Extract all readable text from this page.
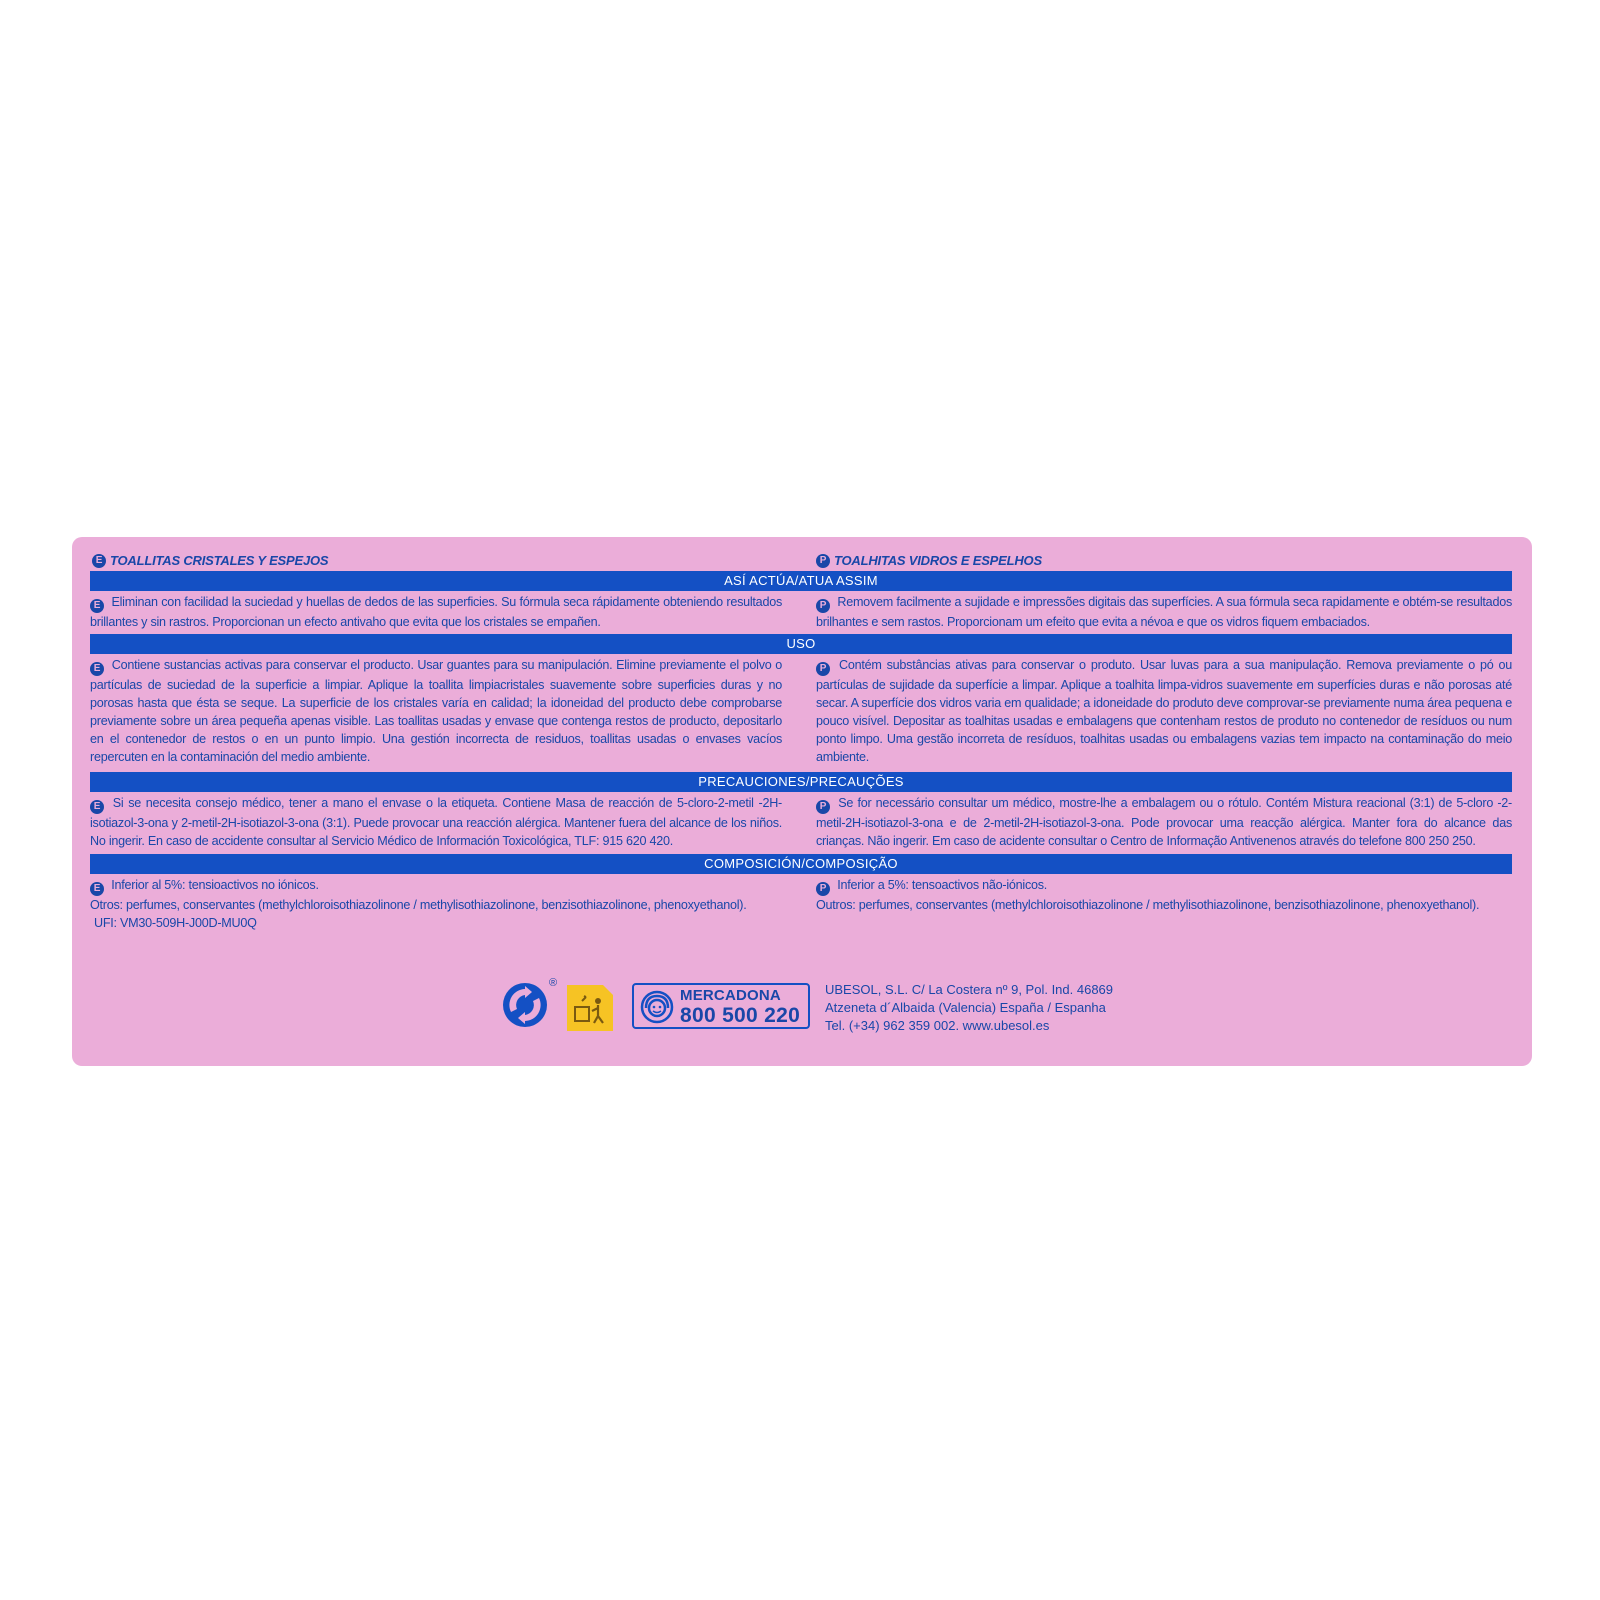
E TOALLITAS CRISTALES Y ESPEJOS	P TOALHITAS VIDROS E ESPELHOS
ASÍ ACTÚA/ATUA ASSIM
E Eliminan con facilidad la suciedad y huellas de dedos de las superficies. Su fórmula seca rápidamente obteniendo resultados brillantes y sin rastros. Proporcionan un efecto antivaho que evita que los cristales se empañen.
P Removem facilmente a sujidade e impressões digitais das superfícies. A sua fórmula seca rapidamente e obtém-se resultados brilhantes e sem rastos. Proporcionam um efeito que evita a névoa e que os vidros fiquem embaciados.
USO
E Contiene sustancias activas para conservar el producto. Usar guantes para su manipulación. Elimine previamente el polvo o partículas de suciedad de la superficie a limpiar. Aplique la toallita limpiacristales suavemente sobre superficies duras y no porosas hasta que ésta se seque. La superficie de los cristales varía en calidad; la idoneidad del producto debe comprobarse previamente sobre un área pequeña apenas visible. Las toallitas usadas y envase que contenga restos de producto, depositarlo en el contenedor de restos o en un punto limpio. Una gestión incorrecta de residuos, toallitas usadas o envases vacíos repercuten en la contaminación del medio ambiente.
P Contém substâncias ativas para conservar o produto. Usar luvas para a sua manipulação. Remova previamente o pó ou partículas de sujidade da superfície a limpar. Aplique a toalhita limpa-vidros suavemente em superfícies duras e não porosas até secar. A superfície dos vidros varia em qualidade; a idoneidade do produto deve comprovar-se previamente numa área pequena e pouco visível. Depositar as toalhitas usadas e embalagens que contenham restos de produto no contenedor de resíduos ou num ponto limpo. Uma gestão incorreta de resíduos, toalhitas usadas ou embalagens vazias tem impacto na contaminação do meio ambiente.
PRECAUCIONES/PRECAUÇÕES
E Si se necesita consejo médico, tener a mano el envase o la etiqueta. Contiene Masa de reacción de 5-cloro-2-metil -2H-isotiazol-3-ona y 2-metil-2H-isotiazol-3-ona (3:1). Puede provocar una reacción alérgica. Mantener fuera del alcance de los niños. No ingerir. En caso de accidente consultar al Servicio Médico de Información Toxicológica, TLF: 915 620 420.
P Se for necessário consultar um médico, mostre-lhe a embalagem ou o rótulo. Contém Mistura reacional (3:1) de 5-cloro -2-metil-2H-isotiazol-3-ona e de 2-metil-2H-isotiazol-3-ona. Pode provocar uma reacção alérgica. Manter fora do alcance das crianças. Não ingerir. Em caso de acidente consultar o Centro de Informação Antivenenos através do telefone 800 250 250.
COMPOSICIÓN/COMPOSIÇÃO
E Inferior al 5%: tensioactivos no iónicos.
Otros: perfumes, conservantes (methylchloroisothiazolinone / methylisothiazolinone, benzisothiazolinone, phenoxyethanol).
UFI: VM30-509H-J00D-MU0Q
P Inferior a 5%: tensoactivos não-iónicos.
Outros: perfumes, conservantes (methylchloroisothiazolinone / methylisothiazolinone, benzisothiazolinone, phenoxyethanol).
®
MERCADONA
800 500 220
UBESOL, S.L. C/ La Costera nº 9, Pol. Ind. 46869
Atzeneta d´Albaida (Valencia) España / Espanha
Tel. (+34) 962 359 002. www.ubesol.es
